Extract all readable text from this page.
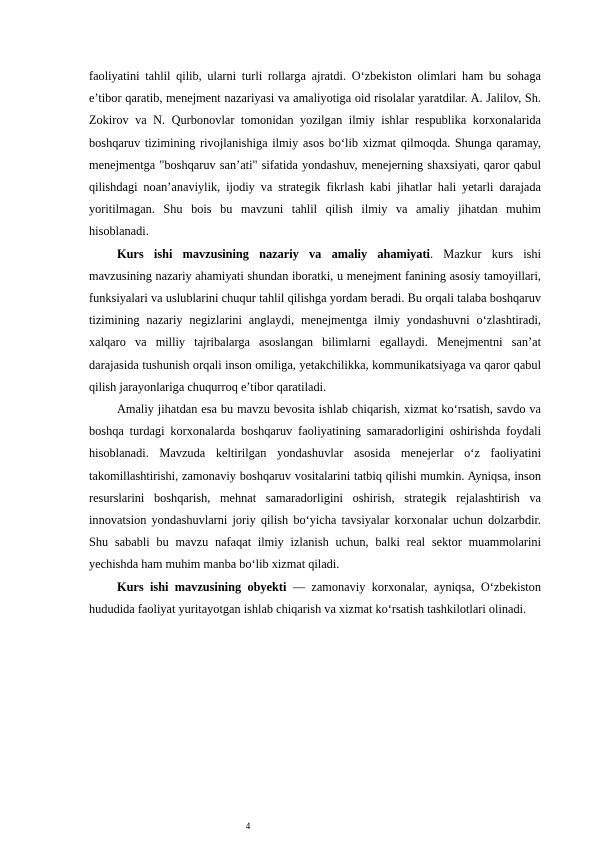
faoliyatini tahlil qilib, ularni turli rollarga ajratdi. O‘zbekiston olimlari ham bu sohaga e’tibor qaratib, menejment nazariyasi va amaliyotiga oid risolalar yaratdilar. A. Jalilov, Sh. Zokirov va N. Qurbonovlar tomonidan yozilgan ilmiy ishlar respublika korxonalarida boshqaruv tizimining rivojlanishiga ilmiy asos bo‘lib xizmat qilmoqda. Shunga qaramay, menejmentga "boshqaruv san’ati" sifatida yondashuv, menejerning shaxsiyati, qaror qabul qilishdagi noan’anaviylik, ijodiy va strategik fikrlash kabi jihatlar hali yetarli darajada yoritilmagan. Shu bois bu mavzuni tahlil qilish ilmiy va amaliy jihatdan muhim hisoblanadi.

Kurs ishi mavzusining nazariy va amaliy ahamiyati. Mazkur kurs ishi mavzusining nazariy ahamiyati shundan iboratki, u menejment fanining asosiy tamoyillari, funksiyalari va uslublarini chuqur tahlil qilishga yordam beradi. Bu orqali talaba boshqaruv tizimining nazariy negizlarini anglaydi, menejmentga ilmiy yondashuvni o‘zlashtiradi, xalqaro va milliy tajribalarga asoslangan bilimlarni egallaydi. Menejmentni san’at darajasida tushunish orqali inson omiliga, yetakchilikka, kommunikatsiyaga va qaror qabul qilish jarayonlariga chuqurroq e’tibor qaratiladi.

Amaliy jihatdan esa bu mavzu bevosita ishlab chiqarish, xizmat ko‘rsatish, savdo va boshqa turdagi korxonalarda boshqaruv faoliyatining samaradorligini oshirishda foydali hisoblanadi. Mavzuda keltirilgan yondashuvlar asosida menejerlar o‘z faoliyatini takomillashtirishi, zamonaviy boshqaruv vositalarini tatbiq qilishi mumkin. Ayniqsa, inson resurslarini boshqarish, mehnat samaradorligini oshirish, strategik rejalashtirish va innovatsion yondashuvlarni joriy qilish bo‘yicha tavsiyalar korxonalar uchun dolzarbdir. Shu sababli bu mavzu nafaqat ilmiy izlanish uchun, balki real sektor muammolarini yechishda ham muhim manba bo‘lib xizmat qiladi.

Kurs ishi mavzusining obyekti — zamonaviy korxonalar, ayniqsa, O‘zbekiston hududida faoliyat yuritayotgan ishlab chiqarish va xizmat ko‘rsatish tashkilotlari olinadi.

4
